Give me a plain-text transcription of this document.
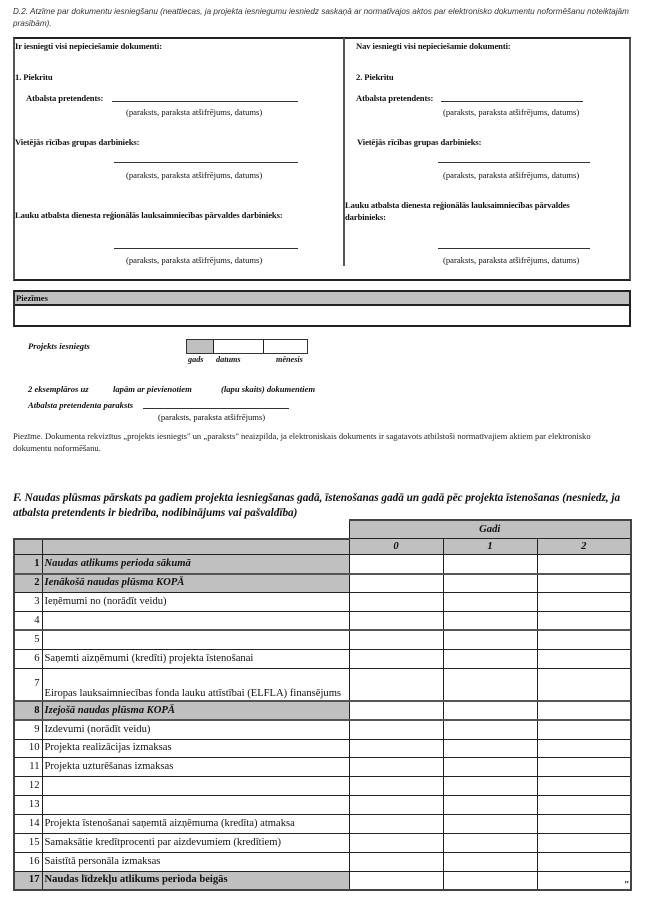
D.2. Atzīme par dokumentu iesniegšanu (neattiecas, ja projekta iesniegumu iesniedz saskaņā ar normatīvajos aktos par elektronisko dokumentu noformēšanu noteiktajām prasībām).
Ir iesniegti visi nepieciešamie dokumenti:
1. Piekritu
Atbalsta pretendents:
(paraksts, paraksta atšifrējums, datums)
Vietējās rīcības grupas darbinieks:
(paraksts, paraksta atšifrējums, datums)
Lauku atbalsta dienesta reģionālās lauksaimniecības pārvaldes darbinieks:
(paraksts, paraksta atšifrējums, datums)
Nav iesniegti visi nepieciešamie dokumenti:
2. Piekritu
Atbalsta pretendents:
(paraksts, paraksta atšifrējums, datums)
Vietējās rīcības grupas darbinieks:
(paraksts, paraksta atšifrējums, datums)
Lauku atbalsta dienesta reģionālās lauksaimniecības pārvaldes darbinieks:
(paraksts, paraksta atšifrējums, datums)
Piezīmes
Projekts iesniegts
gads datums	mēnesis
2 eksemplāros uz	lapām ar pievienotiem	(lapu skaits) dokumentiem
Atbalsta pretendenta paraksts
(paraksts, paraksta atšifrējums)
Piezīme. Dokumenta rekvizītus „projekts iesniegts" un „paraksts" neaizpilda, ja elektroniskais dokuments ir sagatavots atbilstoši normatīvajiem aktiem par elektronisko dokumentu noformēšanu.
F. Naudas plūsmas pārskats pa gadiem projekta iesniegšanas gadā, īstenošanas gadā un gadā pēc projekta īstenošanas (nesniedz, ja atbalsta pretendents ir biedrība, nodibinājums vai pašvaldība)
		Gadi		
		0	1	2
1	Naudas atlikums perioda sākumā			
2	Ienākošā naudas plūsma KOPĀ			
3	Ieņēmumi no (norādīt veidu)			
4				
5				
6	Saņemti aizņēmumi (kredīti) projekta īstenošanai			
7	Eiropas lauksaimniecības fonda lauku attīstībai (ELFLA) finansējums			
8	Izejošā naudas plūsma KOPĀ			
9	Izdevumi (norādīt veidu)			
10	Projekta realizācijas izmaksas			
11	Projekta uzturēšanas izmaksas			
12				
13				
14	Projekta īstenošanai saņemtā aizņēmuma (kredīta) atmaksa			
15	Samaksātie kredītprocenti par aizdevumiem (kredītiem)			
16	Saistītā personāla izmaksas			
17	Naudas līdzekļu atlikums perioda beigās			
"
